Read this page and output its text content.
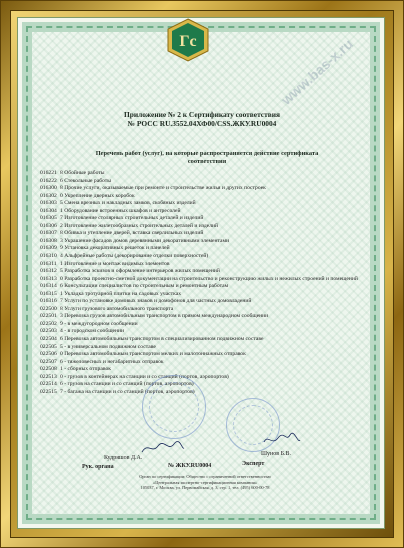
Гс
Приложение № 2 к Сертификату соответствия
№ РОСС RU.3552.04ХФ00/CSS.ЖКУ.RU0004
Перечень работ (услуг), на которые распространяется действие сертификата
соответствия
016221 8 Обойные работы
016222 6 Стекольные работы
016300 8 Прочие услуги, оказываемые при ремонте и строительстве жилья и других построек
016302 0 Укрепление дверных коробок
016303 5 Смена врезных и накладных замков, скобяных изделий
016304 1 Оборудование встроенных шкафов и антресолей
016305 7 Изготовление столярных строительных деталей и изделий
016306 2 Изготовление жилетообразных строительных деталей и изделий
016307 8 Обивка и утепление дверей, вставка сверлильных изделий
016308 3 Украшение фасадов домов деревянными декоративными элементами
016309 9 Установка декоративных решеток и панелей
016310 4 Альфрейные работы (декорирование отделки поверхностей)
016311 1 Изготовление и монтаж видимых элементов
016312 5 Разработка эскизов и оформление интерьеров жилых помещений
016313 0 Разработка проектно-сметной документации на строительство и реконструкцию жилых и нежилых строений и помещений
016314 6 Консультации специалистов по строительным и ремонтным работам
016315 1 Укладка тротуарной плитки на садовых участках
016316 7 Услуги по установке домовых знаков и домофонов для частных домовладений
022500 8 Услуги грузового автомобильного транспорта
022501 3 Перевозка грузов автомобильным транспортом в прямом международном сообщении
022502 9 - в междугородном сообщении
022503 4 - в городском сообщении
022504 6 Перевозка автомобильным транспортом в специализированном подвижном составе
022505 5 - в универсальном подвижном составе
022506 0 Перевозка автомобильным транспортом мелких и малотоннажных отправок
022507 6 - тяжеловесных и негабаритных отправок
022508 1 - сборных отправок
022513 0 - грузов в контейнерах на станции и со станций (портов, аэропортов)
022514 6 - грузов на станции и со станций (портов, аэропортов)
022515 7 - багажа на станции и со станций (портов, аэропортов)
www.bas-x.ru
Кудряшов Д.А.
Рук. органа
Шунов Б.В.
Эксперт
№ ЖКУ.RU0004
Орган по сертификации: Общество с ограниченной ответственностью
«Центральная экспертно-сертификационная компания»
105037, г. Москва, ул. Первомайская, д. 3, стр. 1, тел. (495) 600-00-78
